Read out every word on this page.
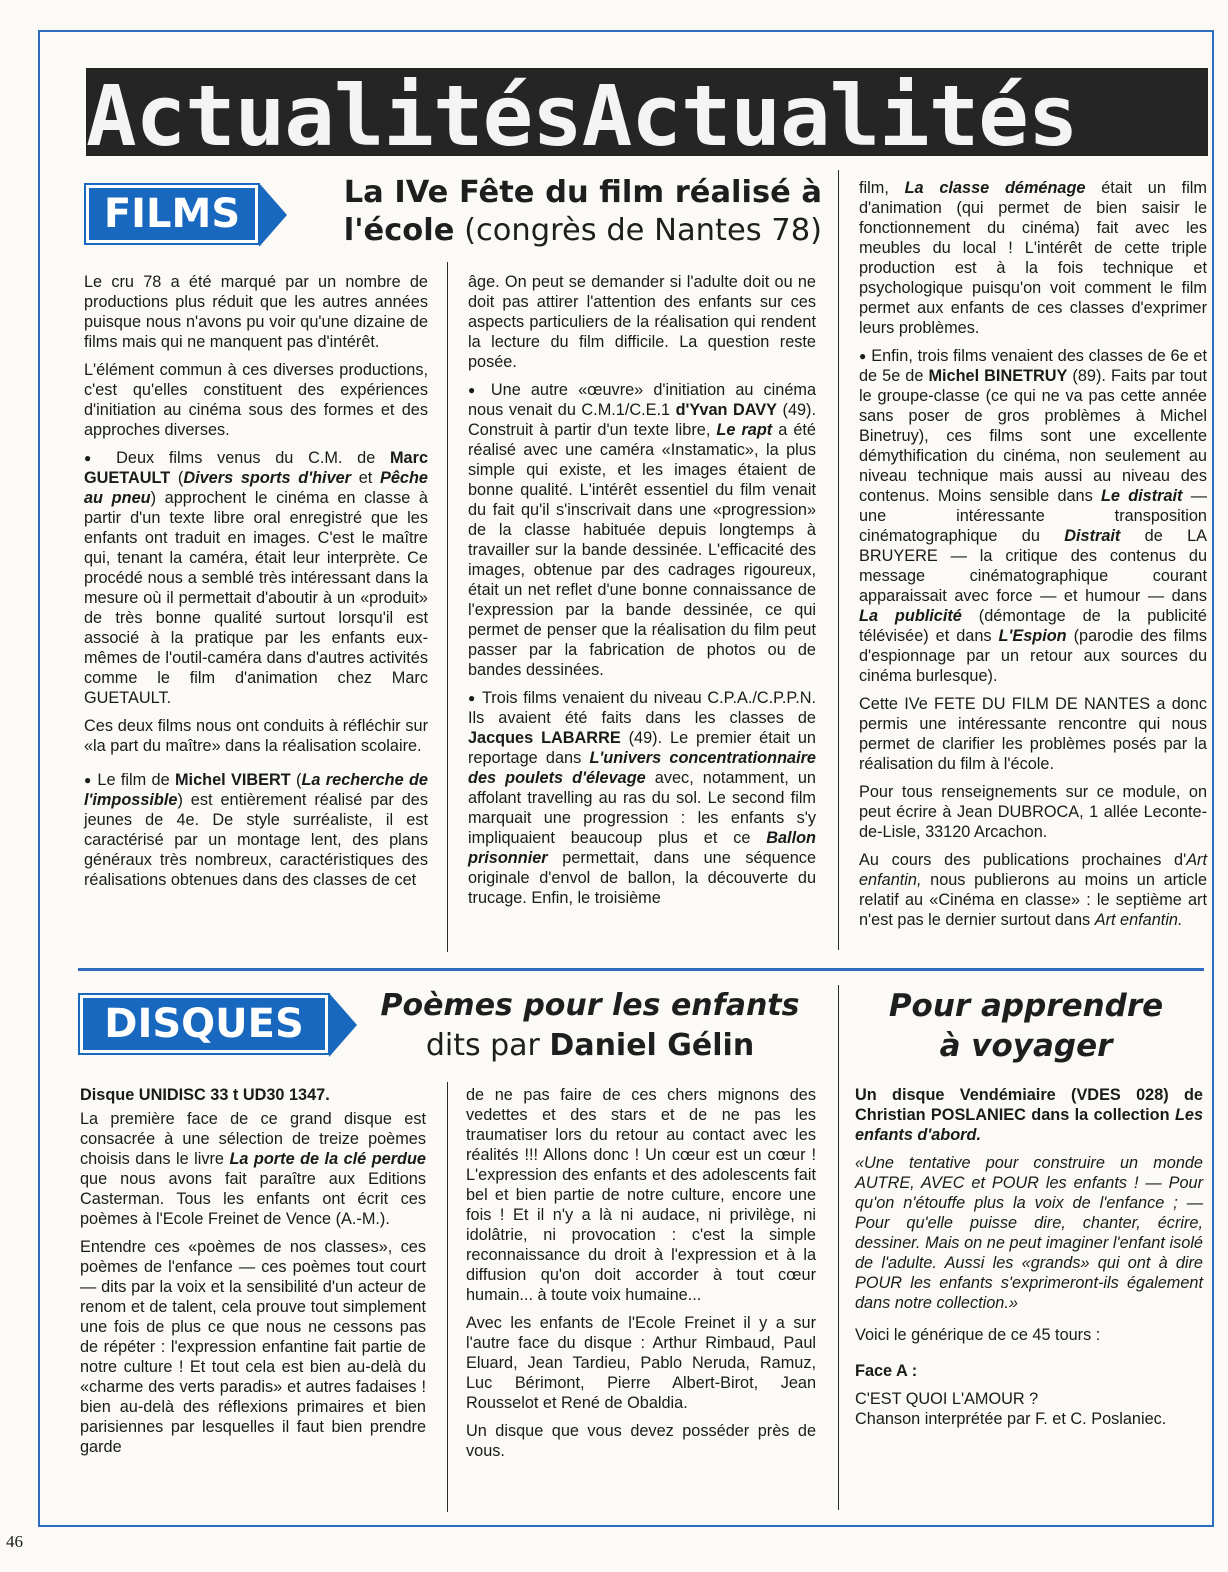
ActualitésActualités
FILMS	La IVe Fête du film réalisé à
l'école (congrès de Nantes 78)

Le cru 78 a été marqué par un nombre de productions plus réduit que les autres années puisque nous n'avons pu voir qu'une dizaine de films mais qui ne manquent pas d'intérêt.

L'élément commun à ces diverses productions, c'est qu'elles constituent des expériences d'initiation au cinéma sous des formes et des approches diverses.

● Deux films venus du C.M. de Marc GUETAULT (Divers sports d'hiver et Pêche au pneu) approchent le cinéma en classe à partir d'un texte libre oral enregistré que les enfants ont traduit en images. C'est le maître qui, tenant la caméra, était leur interprète. Ce procédé nous a semblé très intéressant dans la mesure où il permettait d'aboutir à un «produit» de très bonne qualité surtout lorsqu'il est associé à la pratique par les enfants eux-mêmes de l'outil-caméra dans d'autres activités comme le film d'animation chez Marc GUETAULT.

Ces deux films nous ont conduits à réfléchir sur «la part du maître» dans la réalisation scolaire.

● Le film de Michel VIBERT (La recherche de l'impossible) est entièrement réalisé par des jeunes de 4e. De style surréaliste, il est caractérisé par un montage lent, des plans généraux très nombreux, caractéristiques des réalisations obtenues dans des classes de cet

âge. On peut se demander si l'adulte doit ou ne doit pas attirer l'attention des enfants sur ces aspects particuliers de la réalisation qui rendent la lecture du film difficile. La question reste posée.

● Une autre «œuvre» d'initiation au cinéma nous venait du C.M.1/C.E.1 d'Yvan DAVY (49). Construit à partir d'un texte libre, Le rapt a été réalisé avec une caméra «Instamatic», la plus simple qui existe, et les images étaient de bonne qualité. L'intérêt essentiel du film venait du fait qu'il s'inscrivait dans une «progression» de la classe habituée depuis longtemps à travailler sur la bande dessinée. L'efficacité des images, obtenue par des cadrages rigoureux, était un net reflet d'une bonne connaissance de l'expression par la bande dessinée, ce qui permet de penser que la réalisation du film peut passer par la fabrication de photos ou de bandes dessinées.

● Trois films venaient du niveau C.P.A./C.P.P.N. Ils avaient été faits dans les classes de Jacques LABARRE (49). Le premier était un reportage dans L'univers concentrationnaire des poulets d'élevage avec, notamment, un affolant travelling au ras du sol. Le second film marquait une progression : les enfants s'y impliquaient beaucoup plus et ce Ballon prisonnier permettait, dans une séquence originale d'envol de ballon, la découverte du trucage. Enfin, le troisième

film, La classe déménage était un film d'animation (qui permet de bien saisir le fonctionnement du cinéma) fait avec les meubles du local ! L'intérêt de cette triple production est à la fois technique et psychologique puisqu'on voit comment le film permet aux enfants de ces classes d'exprimer leurs problèmes.

● Enfin, trois films venaient des classes de 6e et de 5e de Michel BINETRUY (89). Faits par tout le groupe-classe (ce qui ne va pas cette année sans poser de gros problèmes à Michel Binetruy), ces films sont une excellente démythification du cinéma, non seulement au niveau technique mais aussi au niveau des contenus. Moins sensible dans Le distrait — une intéressante transposition cinématographique du Distrait de LA BRUYERE — la critique des contenus du message cinématographique courant apparaissait avec force — et humour — dans La publicité (démontage de la publicité télévisée) et dans L'Espion (parodie des films d'espionnage par un retour aux sources du cinéma burlesque).

Cette IVe FETE DU FILM DE NANTES a donc permis une intéressante rencontre qui nous permet de clarifier les problèmes posés par la réalisation du film à l'école.

Pour tous renseignements sur ce module, on peut écrire à Jean DUBROCA, 1 allée Leconte-de-Lisle, 33120 Arcachon.

Au cours des publications prochaines d'Art enfantin, nous publierons au moins un article relatif au «Cinéma en classe» : le septième art n'est pas le dernier surtout dans Art enfantin.

DISQUES	Poèmes pour les enfants
dits par Daniel Gélin

Disque UNIDISC 33 t UD30 1347.

La première face de ce grand disque est consacrée à une sélection de treize poèmes choisis dans le livre La porte de la clé perdue que nous avons fait paraître aux Editions Casterman. Tous les enfants ont écrit ces poèmes à l'Ecole Freinet de Vence (A.-M.).

Entendre ces «poèmes de nos classes», ces poèmes de l'enfance — ces poèmes tout court — dits par la voix et la sensibilité d'un acteur de renom et de talent, cela prouve tout simplement une fois de plus ce que nous ne cessons pas de répéter : l'expression enfantine fait partie de notre culture ! Et tout cela est bien au-delà du «charme des verts paradis» et autres fadaises ! bien au-delà des réflexions primaires et bien parisiennes par lesquelles il faut bien prendre garde

de ne pas faire de ces chers mignons des vedettes et des stars et de ne pas les traumatiser lors du retour au contact avec les réalités !!! Allons donc ! Un cœur est un cœur ! L'expression des enfants et des adolescents fait bel et bien partie de notre culture, encore une fois ! Et il n'y a là ni audace, ni privilège, ni idolâtrie, ni provocation : c'est la simple reconnaissance du droit à l'expression et à la diffusion qu'on doit accorder à tout cœur humain... à toute voix humaine...

Avec les enfants de l'Ecole Freinet il y a sur l'autre face du disque : Arthur Rimbaud, Paul Eluard, Jean Tardieu, Pablo Neruda, Ramuz, Luc Bérimont, Pierre Albert-Birot, Jean Rousselot et René de Obaldia.

Un disque que vous devez posséder près de vous.

Pour apprendre
à voyager

Un disque Vendémiaire (VDES 028) de Christian POSLANIEC dans la collection Les enfants d'abord.

«Une tentative pour construire un monde AUTRE, AVEC et POUR les enfants ! — Pour qu'on n'étouffe plus la voix de l'enfance ; — Pour qu'elle puisse dire, chanter, écrire, dessiner. Mais on ne peut imaginer l'enfant isolé de l'adulte. Aussi les «grands» qui ont à dire POUR les enfants s'exprimeront-ils également dans notre collection.»

Voici le générique de ce 45 tours :

Face A :

C'EST QUOI L'AMOUR ?

Chanson interprétée par F. et C. Poslaniec.

46
